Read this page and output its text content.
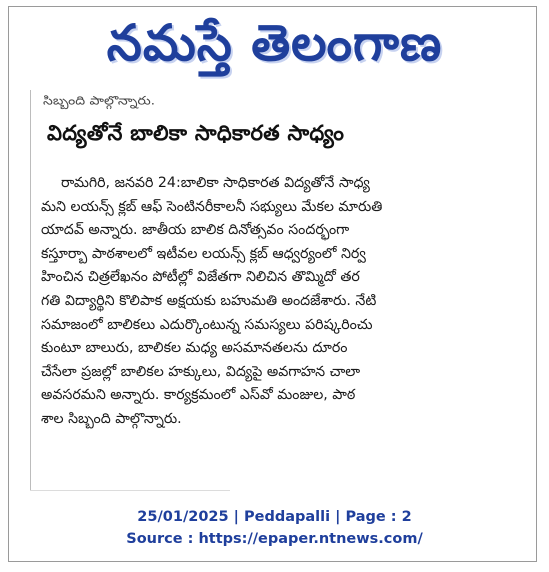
నమస్తే తెలంగాణ
సిబ్బంది పాల్గొన్నారు.
విద్యతోనే బాలికా సాధికారత సాధ్యం
రామగిరి, జనవరి 24:బాలికా సాధికారత విద్యతోనే సాధ్య
మని లయన్స్ క్లబ్ ఆఫ్ సెంటినరీకాలనీ సభ్యులు మేకల మారుతి
యాదవ్ అన్నారు. జాతీయ బాలిక దినోత్సవం సందర్భంగా
కస్తూర్బా పాఠశాలలో ఇటీవల లయన్స్ క్లబ్ ఆధ్వర్యంలో నిర్వ
హించిన చిత్రలేఖనం పోటీల్లో విజేతగా నిలిచిన తొమ్మిదో తర
గతి విద్యార్థిని కొలిపాక అక్షయకు బహుమతి అందజేశారు. నేటి
సమాజంలో బాలికలు ఎదుర్కొంటున్న సమస్యలు పరిష్కరించు
కుంటూ బాలురు, బాలికల మధ్య అసమానతలను దూరం
చేసేలా ప్రజల్లో బాలికల హక్కులు, విద్యపై అవగాహన చాలా
అవసరమని అన్నారు. కార్యక్రమంలో ఎస్‌వో మంజుల, పాఠ
శాల సిబ్బంది పాల్గొన్నారు.
25/01/2025 | Peddapalli | Page : 2
Source : https://epaper.ntnews.com/
